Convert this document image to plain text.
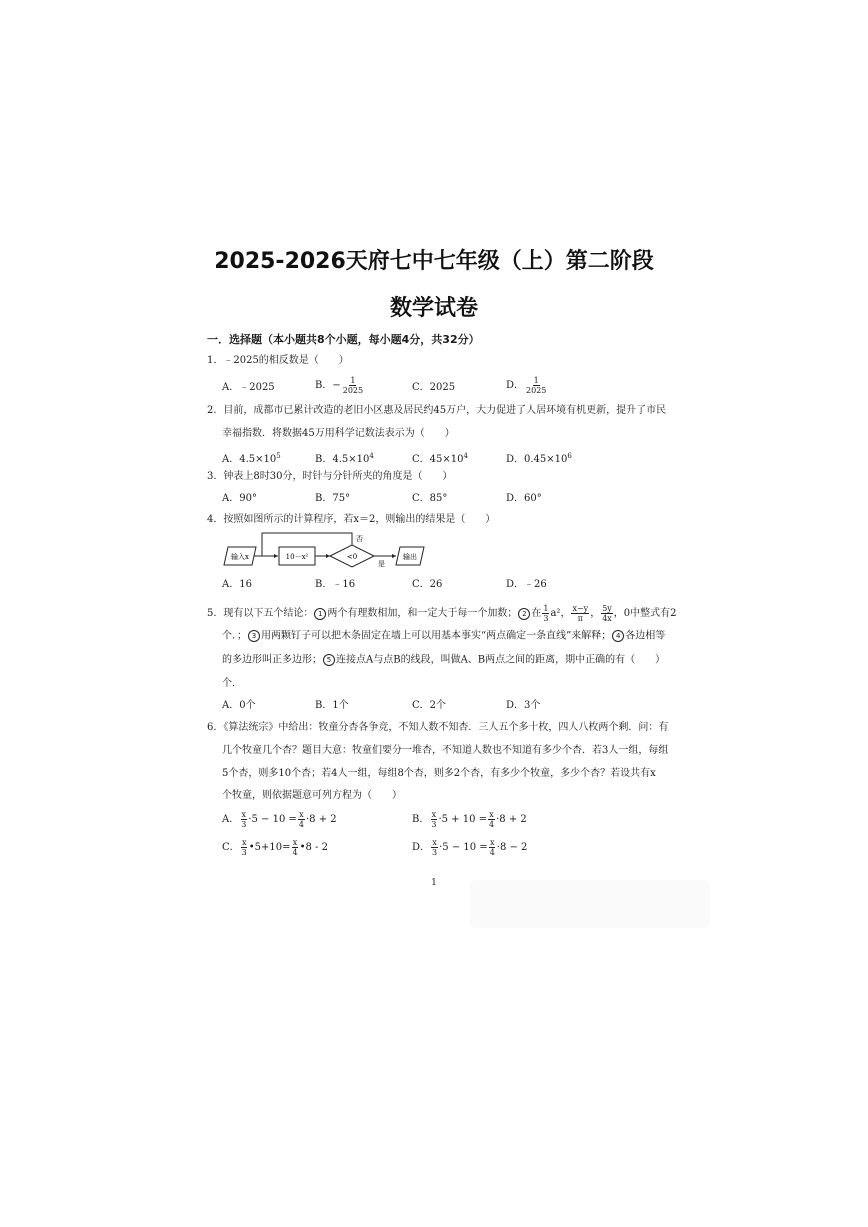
2025-2026天府七中七年级（上）第二阶段
数学试卷
一．选择题（本小题共8个小题，每小题4分，共32分）
1．﹣2025的相反数是（　　）
A．﹣2025	B．− $\frac{1}{2025}$	C．2025	D． $\frac{1}{2025}$
2．目前，成都市已累计改造的老旧小区惠及居民约45万户，大力促进了人居环境有机更新，提升了市民
幸福指数．将数据45万用科学记数法表示为（　　）
A．$4.5\times 10^5$	B．$4.5\times 10^4$	C．$45\times 10^4$	D．$0.45\times 10^6$
3．钟表上8时30分，时针与分针所夹的角度是（　　）
A．90°	B．75°	C．85°	D．60°
4．按照如图所示的计算程序，若x＝2，则输出的结果是（　　）
输入x	10－x²	<0
否
是
输出
A．16	B．﹣16	C．26	D．﹣26
5．现有以下五个结论： 1 两个有理数相加，和一定大于每一个加数； 2 在 $\frac{1}{3} a^2$， $\frac{x-y}{\pi}$ ， $\frac{5y}{4x}$ ，0中整式有2
个．； 3 用两颗钉子可以把木条固定在墙上可以用基本事实“两点确定一条直线”来解释； 4 各边相等
的多边形叫正多边形； 5 连接点A与点B的线段，叫做A、B两点之间的距离，期中正确的有（　　）
个．
A．0个	B．1个	C．2个	D．3个
6．《算法统宗》中给出：牧童分杏各争竞，不知人数不知杏．三人五个多十枚，四人八枚两个剩．问：有
几个牧童几个杏？题目大意：牧童们要分一堆杏，不知道人数也不知道有多少个杏．若3人一组，每组
5个杏，则多10个杏；若4人一组，每组8个杏，则多2个杏，有多少个牧童，多少个杏？若设共有x
个牧童，则依据题意可列方程为（　　）
A． $\frac{x}{3} \cdot 5 - 10 = \frac{x}{4} \cdot 8 + 2$	B． $\frac{x}{3} \cdot 5 + 10 = \frac{x}{4} \cdot 8 + 2$
C． $\frac{x}{3}$ •5+10= $\frac{x}{4}$ •8 - 2	D． $\frac{x}{3} \cdot 5 - 10 = \frac{x}{4} \cdot 8 - 2$
1
